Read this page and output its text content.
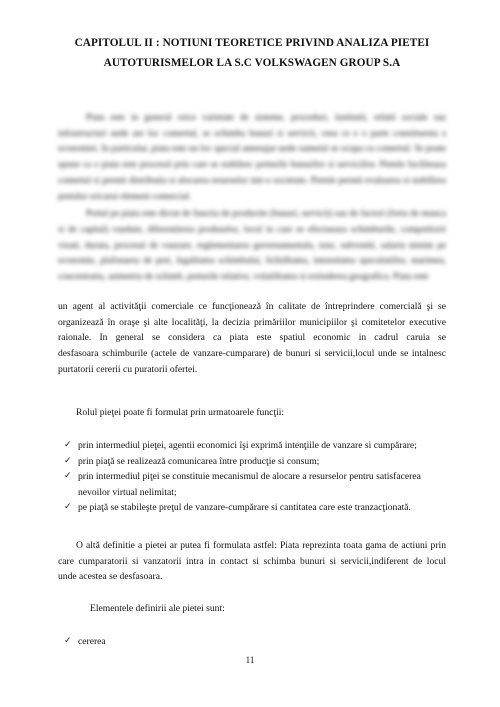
CAPITOLUL II : NOTIUNI TEORETICE PRIVIND ANALIZA PIETEI
AUTOTURISMELOR LA S.C VOLKSWAGEN GROUP S.A

Piata este in general orice varietate de sisteme, proceduri, institutii, relatii sociale sau infrastructuri unde are loc comertul, se schimba bunuri si servicii, ceea ce e o parte constituenta a economiei. In particular, piata este un loc special amenajat unde oamenii se ocupa cu comertul. Se poate spune ca o piata este procesul prin care se stabilesc preturile bunurilor si serviciilor. Pietele faciliteaza comertul si permit distributia si alocarea resurselor intr-o societate. Pietele permit evaluarea si stabilirea pretului oricarui element comercial.

Pretul pe piata este dictat de functia de productie (bunuri, servicii) sau de factori (forta de munca si de capital) vandute, diferentierea produselor, locul in care se efectueaza schimburile, competitorii vizati, durata, procesul de vanzare, reglementarea guvernamentala, taxe, subventii, salariu minim pe economie, plafonarea de pret, legalitatea schimbului, lichiditatea, intensitatea speculatiilor, marimea, concentratia, asimetria de schimb, preturile relative, volatilitatea si extinderea geografica. Piata este

un agent al activităţii comerciale ce funcţionează în calitate de întreprindere comercială şi se
organizează în oraşe şi alte localităţi, la decizia primăriilor municipiilor şi comitetelor executive
raionale. In general se considera ca piata este spatiul economic in cadrul caruia se
desfasoara schimburile (actele de vanzare-cumparare) de bunuri si servicii,locul unde se intalnesc
purtatorii cererii cu puratorii ofertei.
Rolul pieţei poate fi formulat prin urmatoarele funcţii:
✓ prin intermediul pieţei, agentii economici îşi exprimă intenţiile de vanzare si cumpărare;
✓ prin piaţă se realizează comunicarea între producţie si consum;
✓ prin intermediul piţei se constituie mecanismul de alocare a resurselor pentru satisfacerea
nevoilor virtual nelimitat;
✓ pe piaţă se stabileşte preţul de vanzare-cumpărare si cantitatea care este tranzacţionată.
O altă definitie a pietei ar putea fi formulata astfel: Piata reprezinta toata gama de actiuni prin
care cumparatorii si vanzatorii intra in contact si schimba bunuri si servicii,indiferent de locul
unde acestea se desfasoara.
Elementele definirii ale pietei sunt:
✓ cererea
11
